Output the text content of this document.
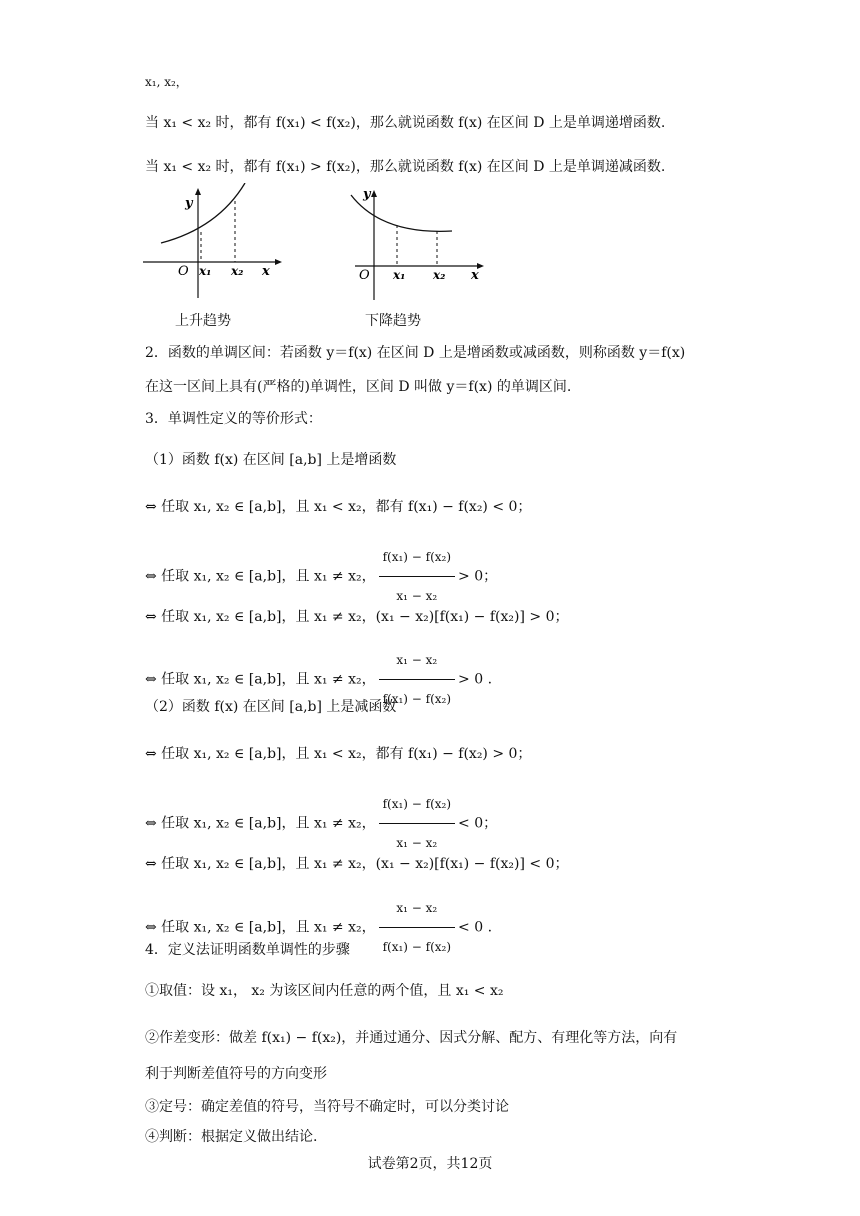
x₁, x₂，
当 x₁ < x₂ 时，都有 f(x₁) < f(x₂)，那么就说函数 f(x) 在区间 D 上是单调递增函数.
当 x₁ < x₂ 时，都有 f(x₁) > f(x₂)，那么就说函数 f(x) 在区间 D 上是单调递减函数.
y
O x₁ x₂ x
上升趋势
y
O x₁ x₂ x
下降趋势
2．函数的单调区间：若函数 y＝f(x) 在区间 D 上是增函数或减函数，则称函数 y＝f(x)
在这一区间上具有(严格的)单调性，区间 D 叫做 y＝f(x) 的单调区间.
3．单调性定义的等价形式：
（1）函数 f(x) 在区间 [a,b] 上是增函数
⇔ 任取 x₁, x₂ ∈ [a,b]，且 x₁ < x₂，都有 f(x₁) − f(x₂) < 0；
⇔ 任取 x₁, x₂ ∈ [a,b]，且 x₁ ≠ x₂， $\frac{\text{f(x₁) − f(x₂)}}{\text{x₁ − x₂}} > 0$；
⇔ 任取 x₁, x₂ ∈ [a,b]，且 x₁ ≠ x₂，(x₁ − x₂)[f(x₁) − f(x₂)] > 0；
⇔ 任取 x₁, x₂ ∈ [a,b]，且 x₁ ≠ x₂， $\frac{\text{x₁ − x₂}}{\text{f(x₁) − f(x₂)}} > 0$ .
（2）函数 f(x) 在区间 [a,b] 上是减函数
⇔ 任取 x₁, x₂ ∈ [a,b]，且 x₁ < x₂，都有 f(x₁) − f(x₂) > 0；
⇔ 任取 x₁, x₂ ∈ [a,b]，且 x₁ ≠ x₂， $\frac{\text{f(x₁) − f(x₂)}}{\text{x₁ − x₂}} < 0$；
⇔ 任取 x₁, x₂ ∈ [a,b]，且 x₁ ≠ x₂，(x₁ − x₂)[f(x₁) − f(x₂)] < 0；
⇔ 任取 x₁, x₂ ∈ [a,b]，且 x₁ ≠ x₂， $\frac{\text{x₁ − x₂}}{\text{f(x₁) − f(x₂)}} < 0$ .
4．定义法证明函数单调性的步骤
①取值：设 x₁， x₂ 为该区间内任意的两个值，且 x₁ < x₂
②作差变形：做差 f(x₁) − f(x₂)，并通过通分、因式分解、配方、有理化等方法，向有
利于判断差值符号的方向变形
③定号：确定差值的符号，当符号不确定时，可以分类讨论
④判断：根据定义做出结论.
试卷第2页，共12页
